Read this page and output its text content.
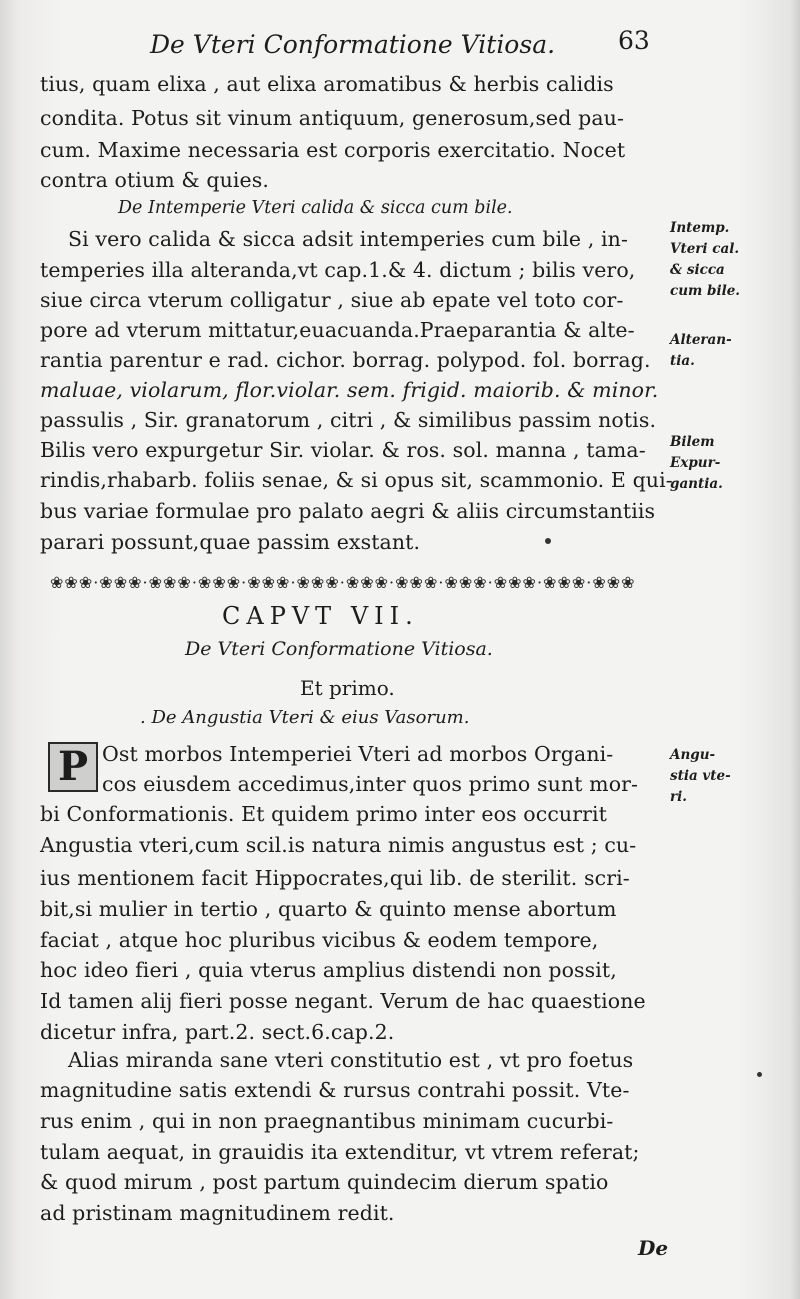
De Vteri Conformatione Vitiosa.	63
tius, quam elixa , aut elixa aromatibus & herbis calidis
condita. Potus sit vinum antiquum, generosum,sed pau-
cum. Maxime necessaria est corporis exercitatio. Nocet
contra otium & quies.
De Intemperie Vteri calida & sicca cum bile.
Si vero calida & sicca adsit intemperies cum bile , in-
temperies illa alteranda,vt cap.1.& 4. dictum ; bilis vero,
siue circa vterum colligatur , siue ab epate vel toto cor-
pore ad vterum mittatur,euacuanda.Praeparantia & alte-
rantia parentur e rad. cichor. borrag. polypod. fol. borrag.
maluae, violarum, flor.violar. sem. frigid. maiorib. & minor.
passulis , Sir. granatorum , citri , & similibus passim notis.
Bilis vero expurgetur Sir. violar. & ros. sol. manna , tama-
rindis,rhabarb. foliis senae, & si opus sit, scammonio. E qui-
bus variae formulae pro palato aegri & aliis circumstantiis
parari possunt,quae passim exstant.
Intemp.
Vteri cal.
& sicca
cum bile.
Alteran-
tia.
Bilem
Expur-
gantia.
Angu-
stia vte-
ri.
❀❀❀·❀❀❀·❀❀❀·❀❀❀·❀❀❀·❀❀❀·❀❀❀·❀❀❀·❀❀❀·❀❀❀·❀❀❀·❀❀❀
CAPVT VII.
De Vteri Conformatione Vitiosa.
Et primo.
. De Angustia Vteri & eius Vasorum.
P Ost morbos Intemperiei Vteri ad morbos Organi-
cos eiusdem accedimus,inter quos primo sunt mor-
bi Conformationis. Et quidem primo inter eos occurrit
Angustia vteri,cum scil.is natura nimis angustus est ; cu-
ius mentionem facit Hippocrates,qui lib. de sterilit. scri-
bit,si mulier in tertio , quarto & quinto mense abortum
faciat , atque hoc pluribus vicibus & eodem tempore,
hoc ideo fieri , quia vterus amplius distendi non possit,
Id tamen alij fieri posse negant. Verum de hac quaestione
dicetur infra, part.2. sect.6.cap.2.
Alias miranda sane vteri constitutio est , vt pro foetus
magnitudine satis extendi & rursus contrahi possit. Vte-
rus enim , qui in non praegnantibus minimam cucurbi-
tulam aequat, in grauidis ita extenditur, vt vtrem referat;
& quod mirum , post partum quindecim dierum spatio
ad pristinam magnitudinem redit.
De
